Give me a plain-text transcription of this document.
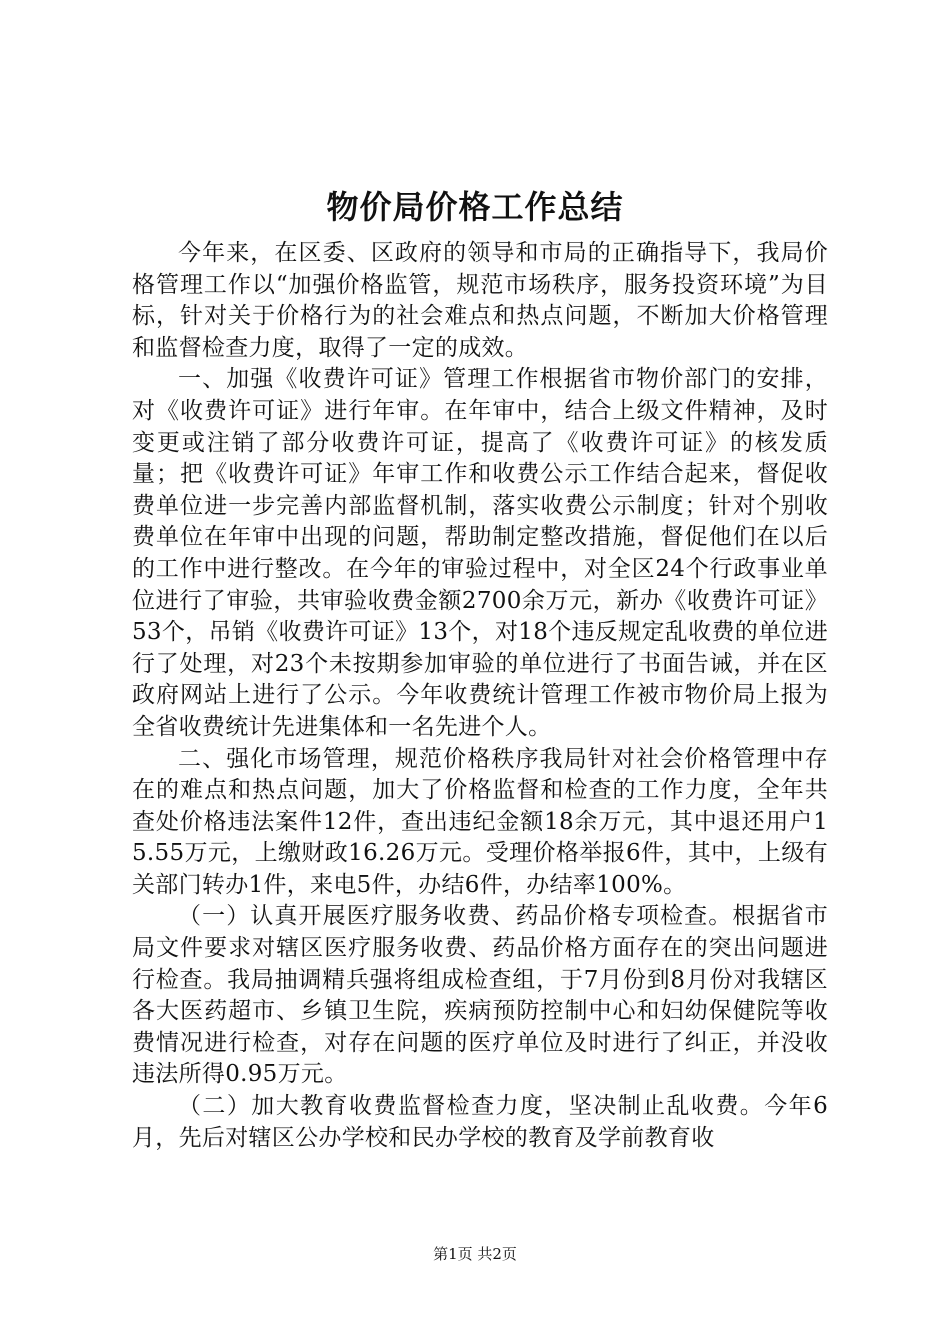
物价局价格工作总结

今年来，在区委、区政府的领导和市局的正确指导下，我局价格管理工作以“加强价格监管，规范市场秩序，服务投资环境”为目标，针对关于价格行为的社会难点和热点问题，不断加大价格管理和监督检查力度，取得了一定的成效。

一、加强《收费许可证》管理工作根据省市物价部门的安排，对《收费许可证》进行年审。在年审中，结合上级文件精神，及时变更或注销了部分收费许可证，提高了《收费许可证》的核发质量；把《收费许可证》年审工作和收费公示工作结合起来，督促收费单位进一步完善内部监督机制，落实收费公示制度；针对个别收费单位在年审中出现的问题，帮助制定整改措施，督促他们在以后的工作中进行整改。在今年的审验过程中，对全区24个行政事业单位进行了审验，共审验收费金额2700余万元，新办《收费许可证》53个，吊销《收费许可证》13个，对18个违反规定乱收费的单位进行了处理，对23个未按期参加审验的单位进行了书面告诫，并在区政府网站上进行了公示。今年收费统计管理工作被市物价局上报为全省收费统计先进集体和一名先进个人。

二、强化市场管理，规范价格秩序我局针对社会价格管理中存在的难点和热点问题，加大了价格监督和检查的工作力度，全年共查处价格违法案件12件，查出违纪金额18余万元，其中退还用户15.55万元，上缴财政16.26万元。受理价格举报6件，其中，上级有关部门转办1件，来电5件，办结6件，办结率100%。

（一）认真开展医疗服务收费、药品价格专项检查。根据省市局文件要求对辖区医疗服务收费、药品价格方面存在的突出问题进行检查。我局抽调精兵强将组成检查组，于7月份到8月份对我辖区各大医药超市、乡镇卫生院，疾病预防控制中心和妇幼保健院等收费情况进行检查，对存在问题的医疗单位及时进行了纠正，并没收违法所得0.95万元。

（二）加大教育收费监督检查力度，坚决制止乱收费。今年6月，先后对辖区公办学校和民办学校的教育及学前教育收

第1页 共2页
